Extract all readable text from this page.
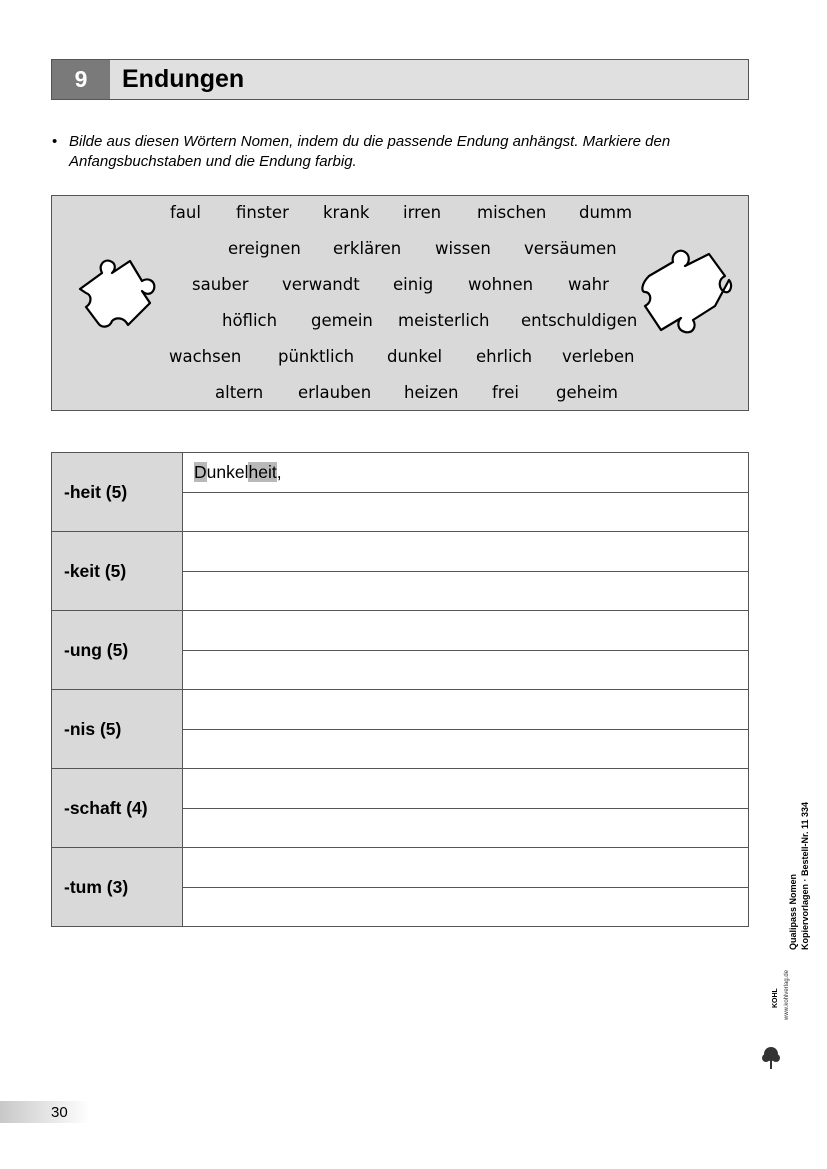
9	Endungen
• Bilde aus diesen Wörtern Nomen, indem du die passende Endung anhängst. Markiere den
Anfangsbuchstaben und die Endung farbig.
faul finster krank irren mischen dumm
ereignen erklären wissen versäumen
sauber verwandt einig wohnen wahr
höflich gemein meisterlich entschuldigen
wachsen pünktlich dunkel ehrlich verleben
altern erlauben heizen frei geheim
-heit (5)
Dunkelheit,
-keit (5)
-ung (5)
-nis (5)
-schaft (4)
-tum (3)
KOHL www.kohlverlag.de
Qualipass Nomen Kopiervorlagen · Bestell-Nr. 11 334
30
